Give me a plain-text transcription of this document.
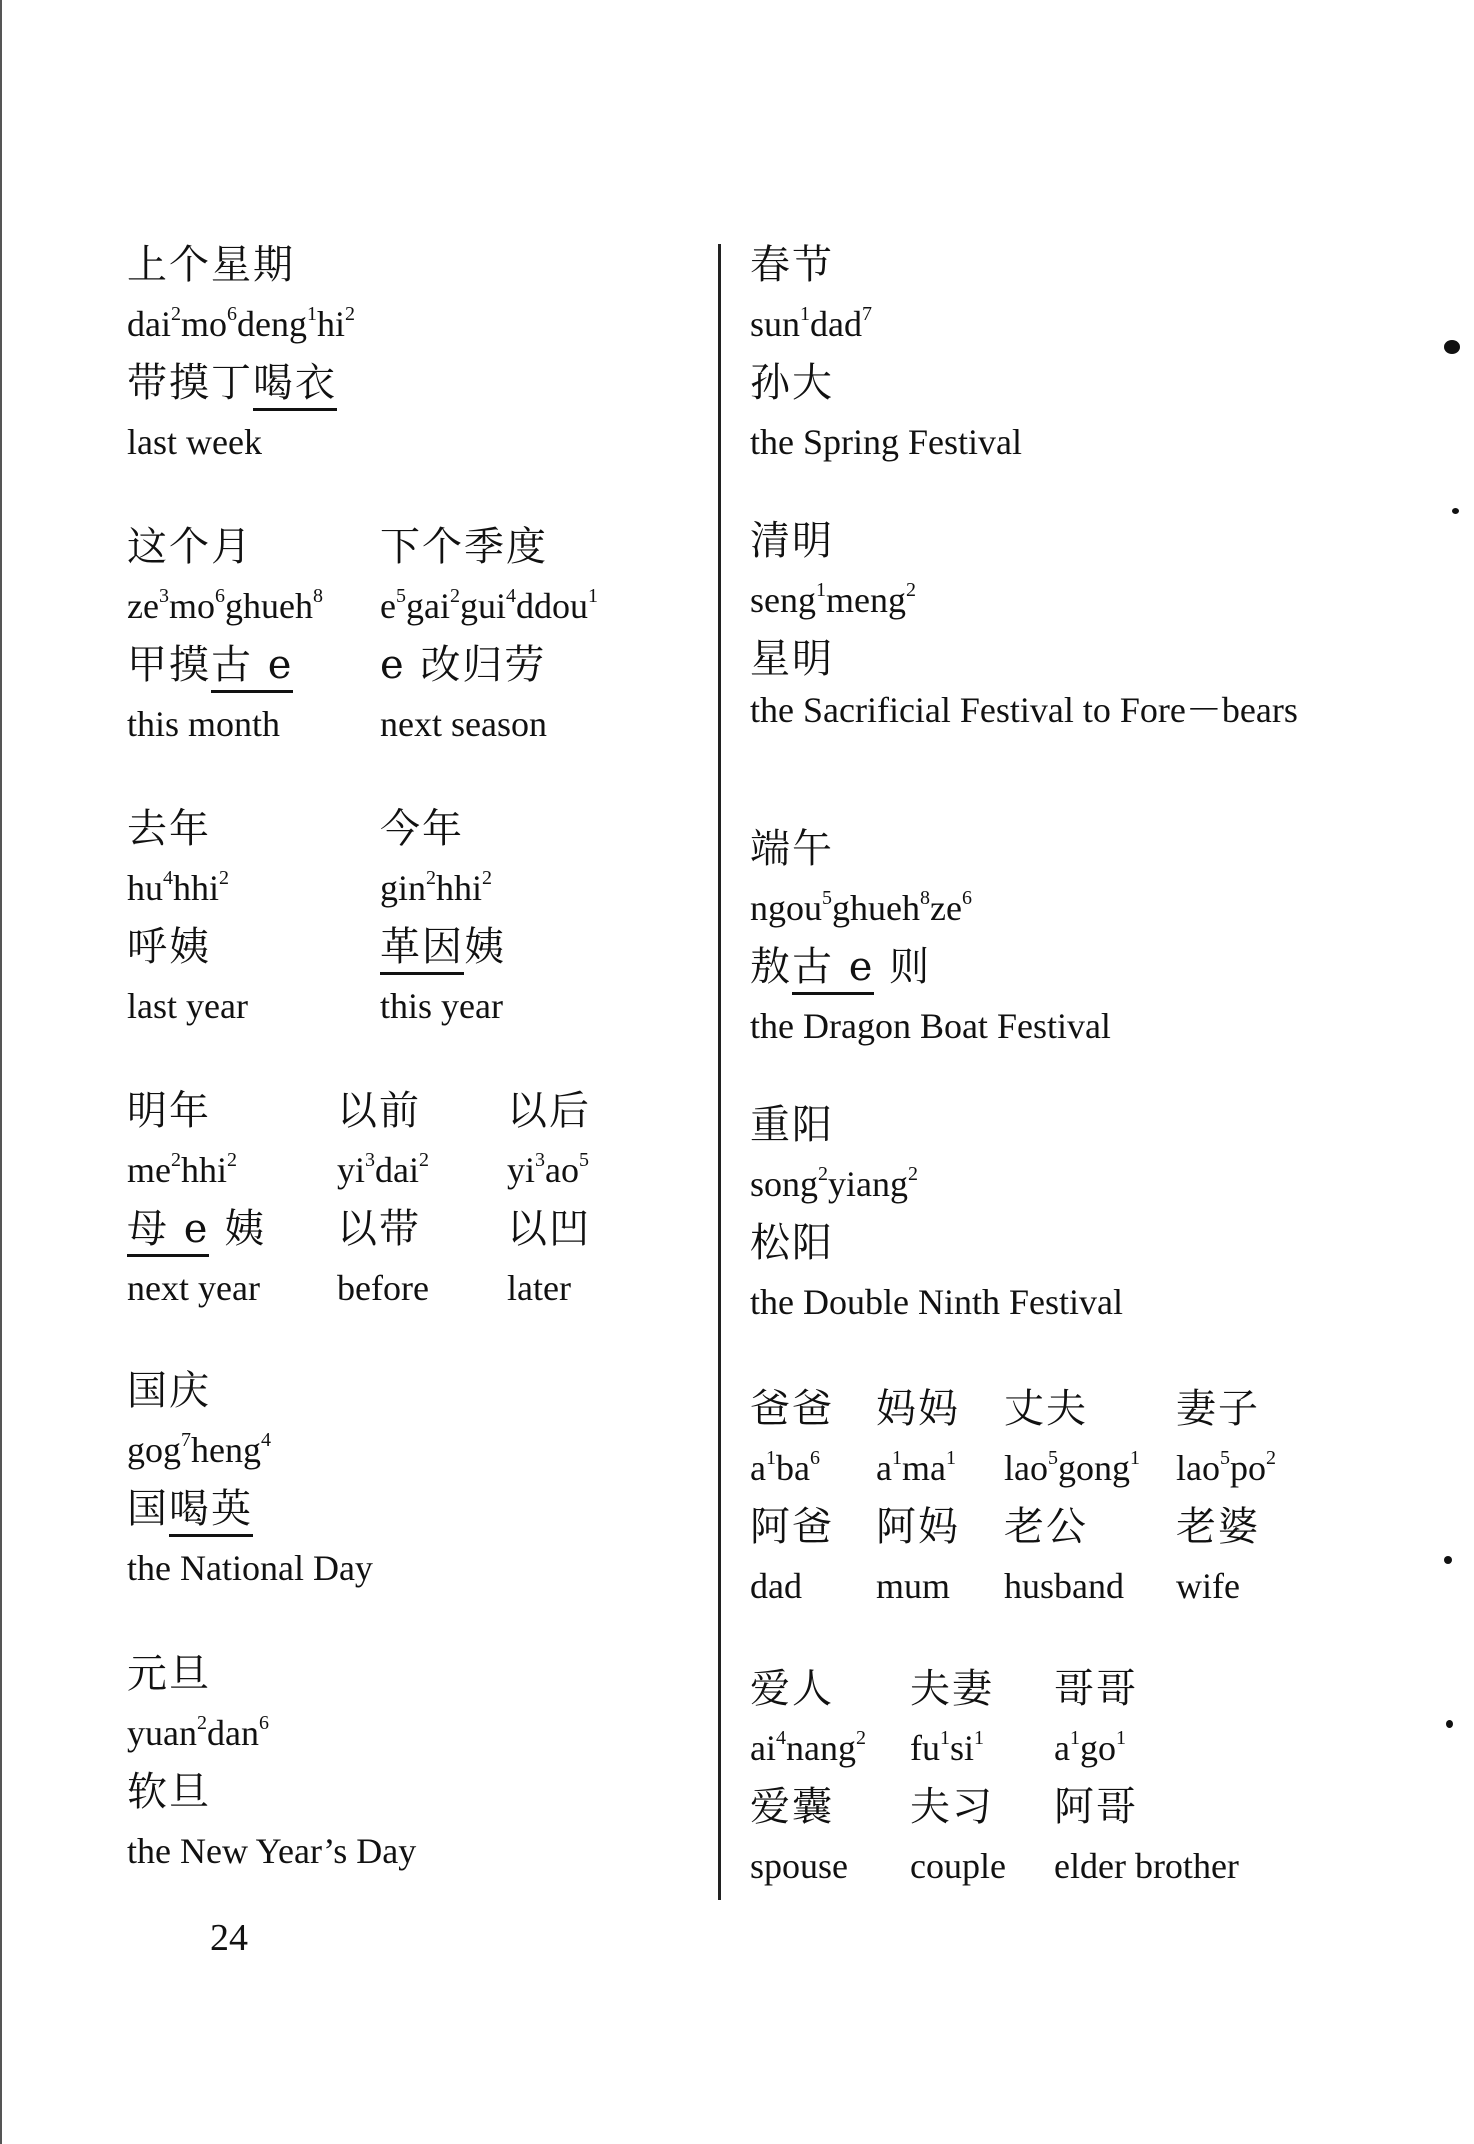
上个星期
$dai^2mo^6deng^1hi^2$
带摸丁喝衣
last week
这个月
$ze^3mo^6ghueh^8$
甲摸古 e
this month
下个季度
$e^5gai^2gui^4ddou^1$
e 改归劳
next season
去年
$hu^4hhi^2$
呼姨
last year
今年
gin$^2$hhi$^2$
革因姨
this year
明年
$me^2hhi^2$
母 e 姨
next year
以前
$yi^3dai^2$
以带
before
以后
$yi^3ao^5$
以凹
later
国庆
gog$^7$heng$^4$
国喝英
the National Day
元旦
yuan$^2$dan$^6$
软旦
the New Year’s Day
春节
sun$^1$dad$^7$
孙大
the Spring Festival
清明
seng$^1$meng$^2$
星明
the Sacrificial Festival to Fore－bears
端午
$ngou^5ghueh^8ze^6$
敖古 e 则
the Dragon Boat Festival
重阳
song$^2$yiang$^2$
松阳
the Double Ninth Festival
爸爸
$a^1ba^6$
阿爸
dad
妈妈
$a^1ma^1$
阿妈
mum
丈夫
lao$^5$gong$^1$
老公
husband
妻子
$lao^5po^2$
老婆
wife
爱人
$ai^4nang^2$
爱囊
spouse
夫妻
$fu^1si^1$
夫习
couple
哥哥
$a^1go^1$
阿哥
elder brother
24
